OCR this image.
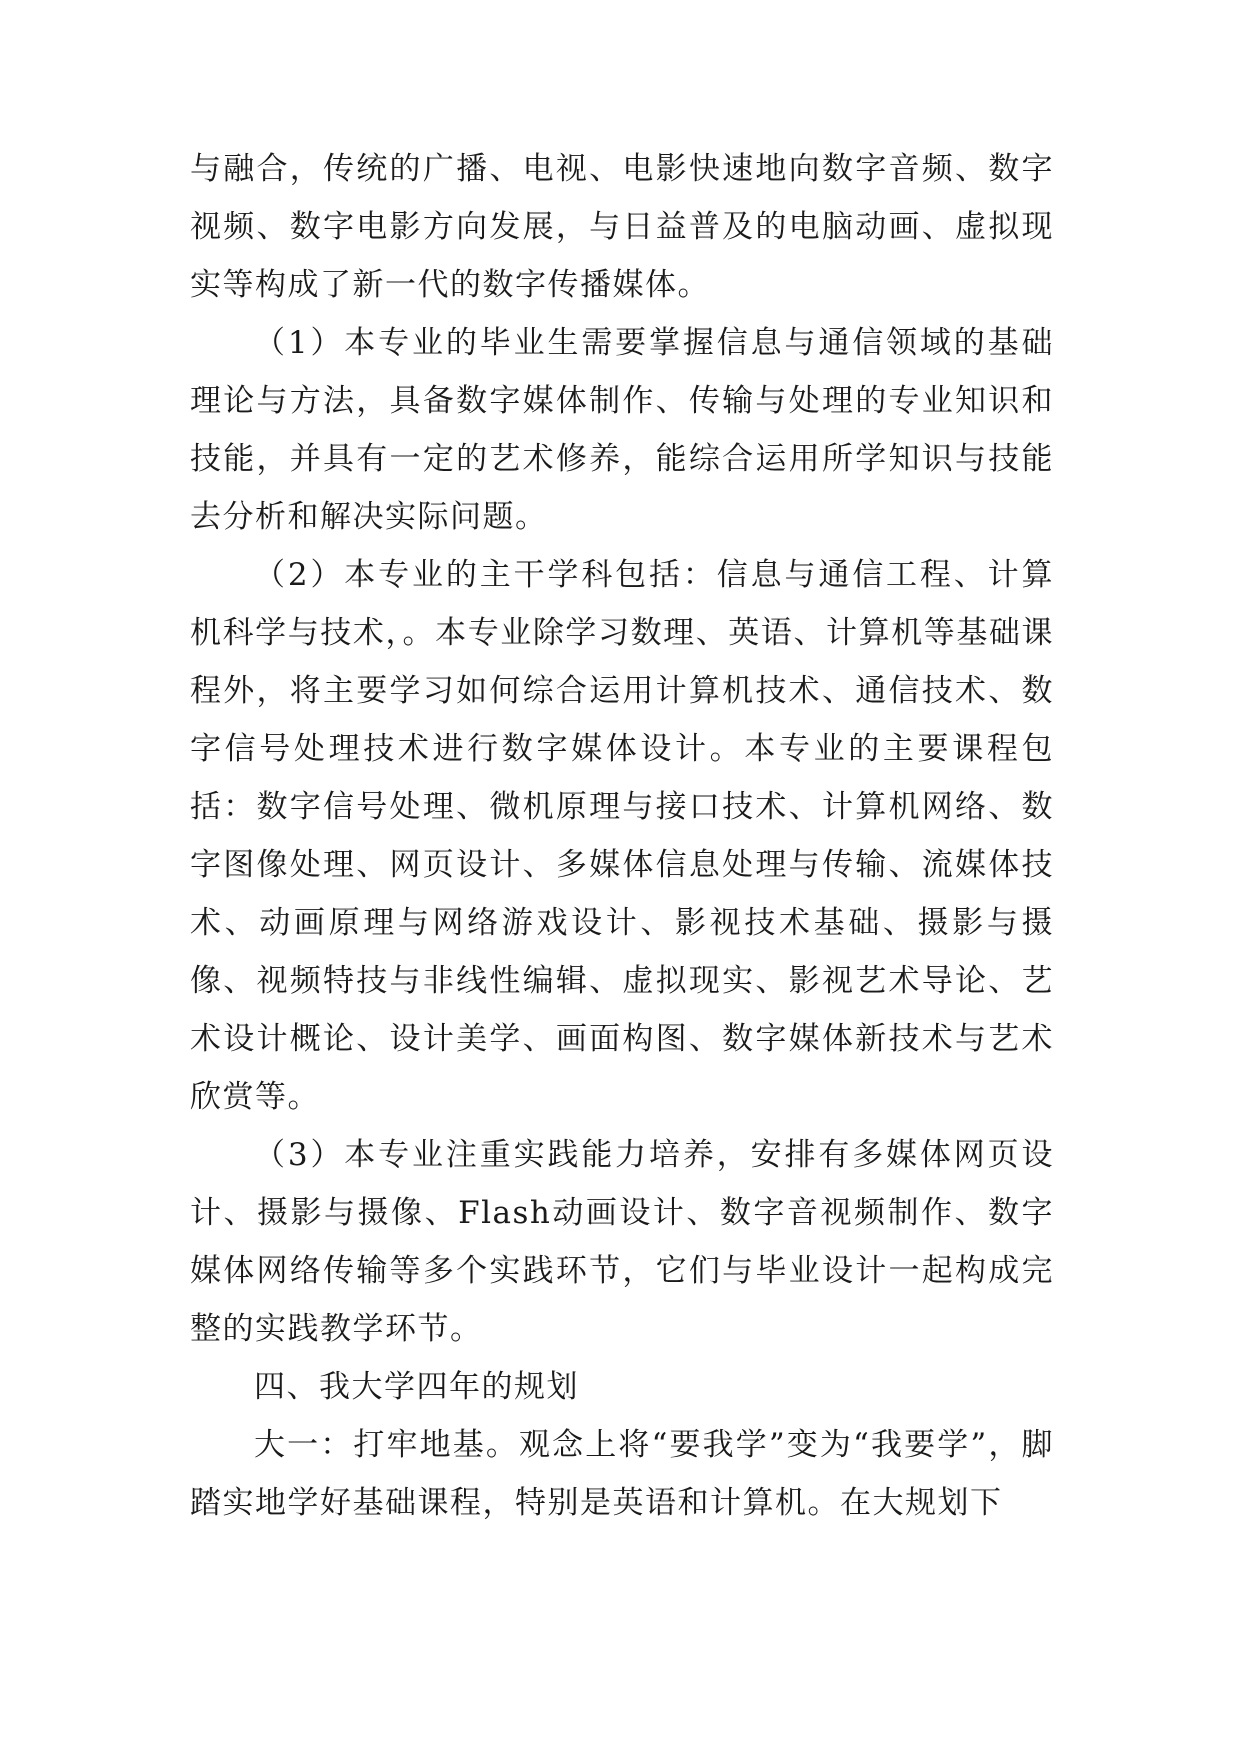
与融合，传统的广播、电视、电影快速地向数字音频、数字视频、数字电影方向发展，与日益普及的电脑动画、虚拟现实等构成了新一代的数字传播媒体。

（1）本专业的毕业生需要掌握信息与通信领域的基础理论与方法，具备数字媒体制作、传输与处理的专业知识和技能，并具有一定的艺术修养，能综合运用所学知识与技能去分析和解决实际问题。

（2）本专业的主干学科包括：信息与通信工程、计算机科学与技术，。本专业除学习数理、英语、计算机等基础课程外，将主要学习如何综合运用计算机技术、通信技术、数字信号处理技术进行数字媒体设计。本专业的主要课程包括：数字信号处理、微机原理与接口技术、计算机网络、数字图像处理、网页设计、多媒体信息处理与传输、流媒体技术、动画原理与网络游戏设计、影视技术基础、摄影与摄像、视频特技与非线性编辑、虚拟现实、影视艺术导论、艺术设计概论、设计美学、画面构图、数字媒体新技术与艺术欣赏等。

（3）本专业注重实践能力培养，安排有多媒体网页设计、摄影与摄像、Flash动画设计、数字音视频制作、数字媒体网络传输等多个实践环节，它们与毕业设计一起构成完整的实践教学环节。

四、我大学四年的规划

大一：打牢地基。观念上将“要我学”变为“我要学”，脚踏实地学好基础课程，特别是英语和计算机。在大规划下
